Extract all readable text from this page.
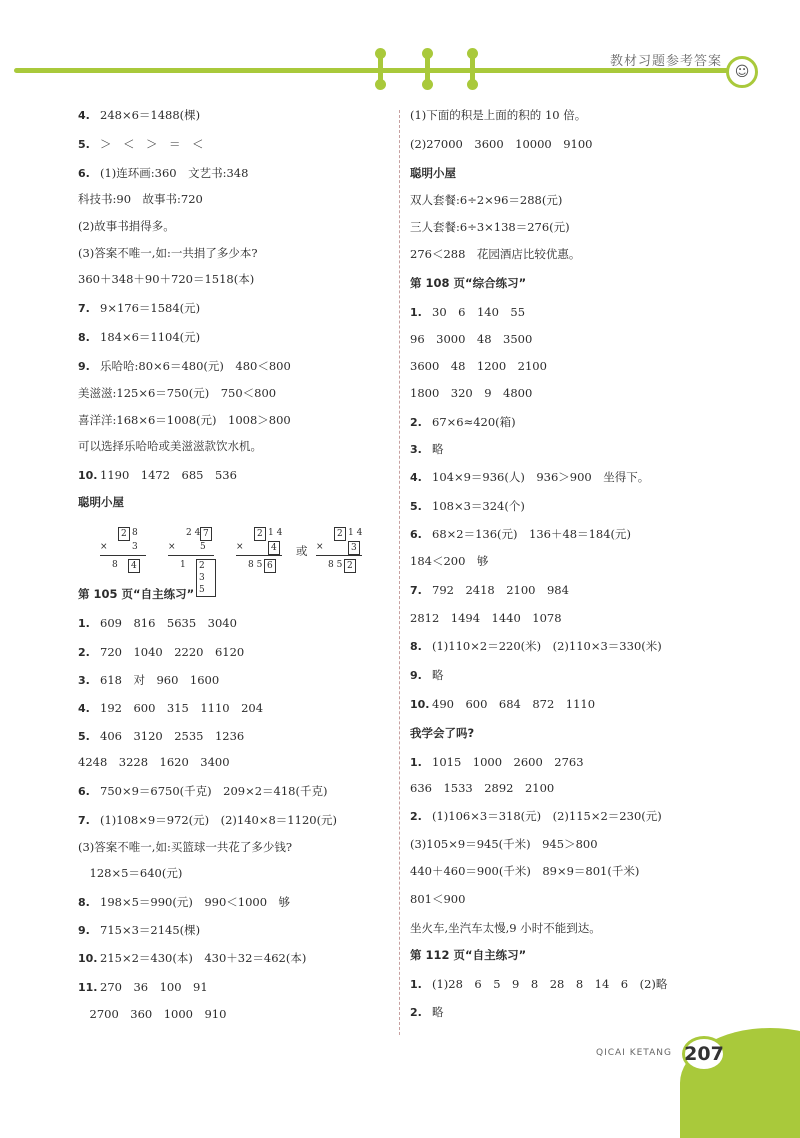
教材习题参考答案
☺
4. 248×6＝1488(棵)
5. ＞　＜　＞　＝　＜
6. (1)连环画:360　文艺书:348
科技书:90　故事书:720
(2)故事书捐得多。
(3)答案不唯一,如:一共捐了多少本?
360＋348＋90＋720＝1518(本)
7. 9×176＝1584(元)
8. 184×6＝1104(元)
9. 乐哈哈:80×6＝480(元)　480＜800
美滋滋:125×6＝750(元)　750＜800
喜洋洋:168×6＝1008(元)　1008＞800
可以选择乐哈哈或美滋滋款饮水机。
10. 1190　1472　685　536
聪明小屋
第 105 页“自主练习”
1. 609　816　5635　3040
2. 720　1040　2220　6120
3. 618　对　960　1600
4. 192　600　315　1110　204
5. 406　3120　2535　1236
4248　3228　1620　3400
6. 750×9＝6750(千克)　209×2＝418(千克)
7. (1)108×9＝972(元)　(2)140×8＝1120(元)
(3)答案不唯一,如:买篮球一共花了多少钱?
　128×5＝640(元)
8. 198×5＝990(元)　990＜1000　够
9. 715×3＝2145(棵)
10. 215×2＝430(本)　430＋32＝462(本)
11. 270　36　100　91
　2700　360　1000　910
2 8
×	3
8	4
2 4 7
×	5
1	2 3 5
2 1 4
×	4
8 5 6
2 1 4
×	3
8 5 2
或
(1)下面的积是上面的积的 10 倍。
(2)27000　3600　10000　9100
聪明小屋
双人套餐:6÷2×96＝288(元)
三人套餐:6÷3×138＝276(元)
276＜288　花园酒店比较优惠。
第 108 页“综合练习”
1. 30　6　140　55
96　3000　48　3500
3600　48　1200　2100
1800　320　9　4800
2. 67×6≈420(箱)
3. 略
4. 104×9＝936(人)　936＞900　坐得下。
5. 108×3＝324(个)
6. 68×2＝136(元)　136＋48＝184(元)
184＜200　够
7. 792　2418　2100　984
2812　1494　1440　1078
8. (1)110×2＝220(米)　(2)110×3＝330(米)
9. 略
10. 490　600　684　872　1110
我学会了吗?
1. 1015　1000　2600　2763
636　1533　2892　2100
2. (1)106×3＝318(元)　(2)115×2＝230(元)
(3)105×9＝945(千米)　945＞800
440＋460＝900(千米)　89×9＝801(千米)
801＜900
坐火车,坐汽车太慢,9 小时不能到达。
第 112 页“自主练习”
1. (1)28　6　5　9　8　28　8　14　6　(2)略
2. 略
QICAI KETANG 207
